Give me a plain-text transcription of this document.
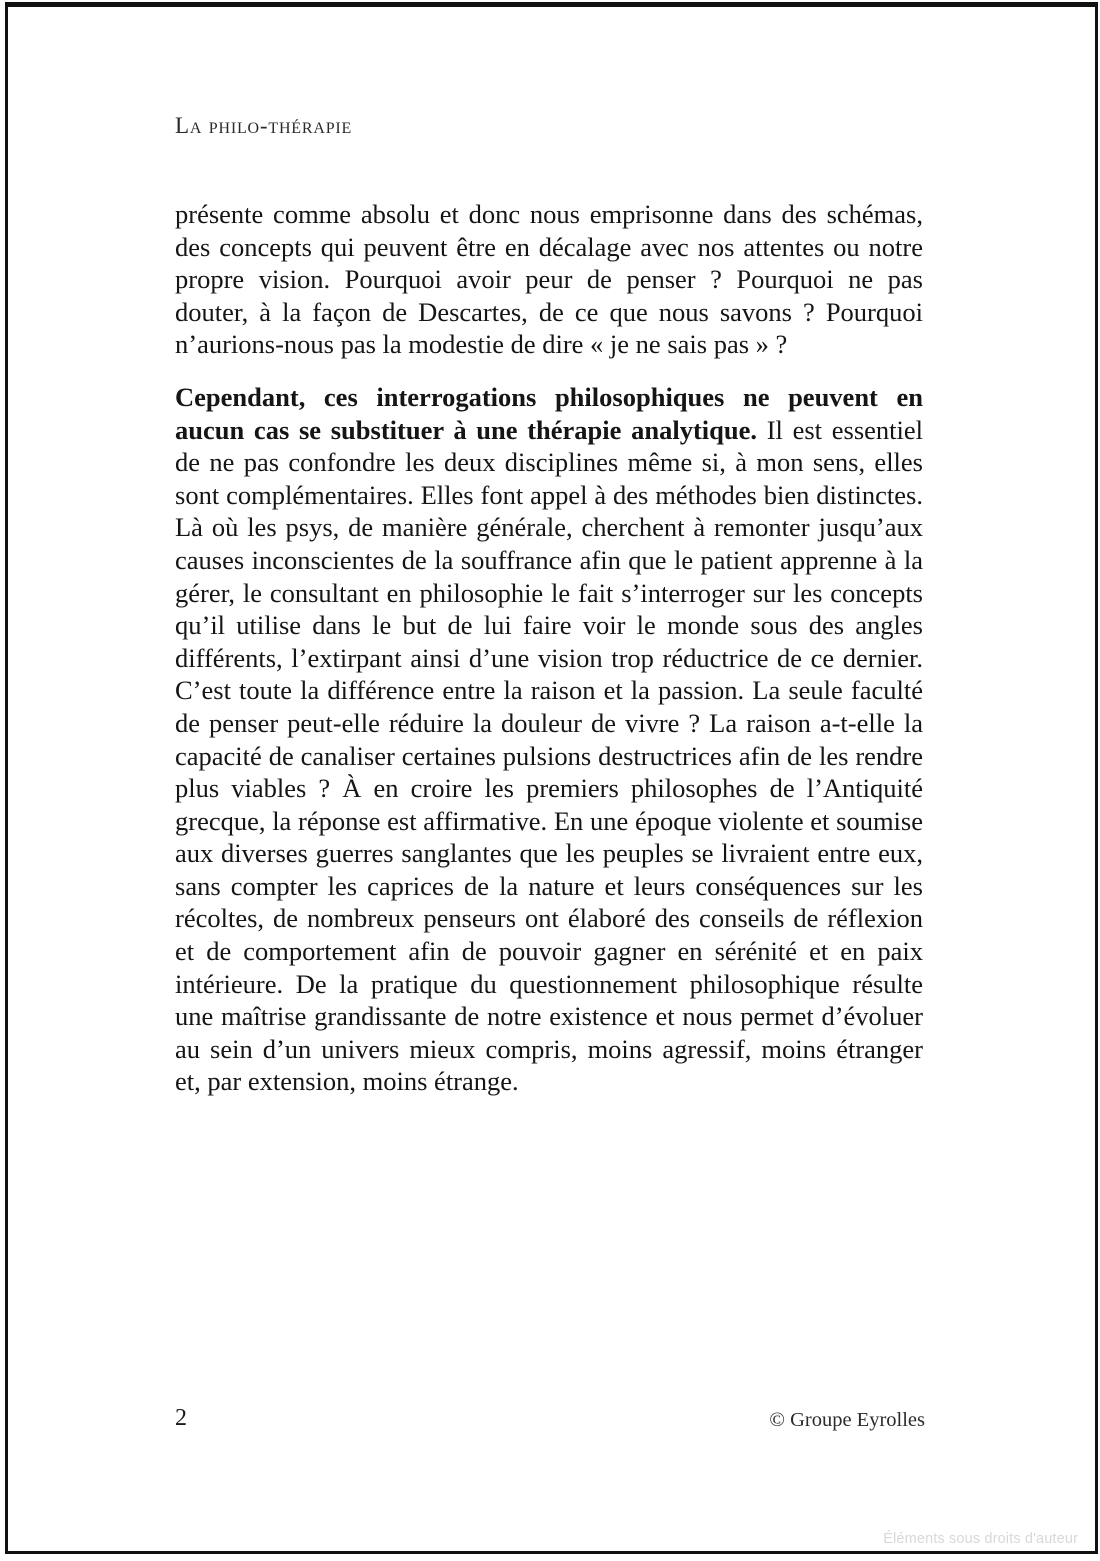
La philo-thérapie

présente comme absolu et donc nous emprisonne dans des schémas, des concepts qui peuvent être en décalage avec nos attentes ou notre propre vision. Pourquoi avoir peur de penser ? Pourquoi ne pas douter, à la façon de Descartes, de ce que nous savons ? Pourquoi n’aurions-nous pas la modestie de dire « je ne sais pas » ?

Cependant, ces interrogations philosophiques ne peuvent en aucun cas se substituer à une thérapie analytique. Il est essentiel de ne pas confondre les deux disciplines même si, à mon sens, elles sont complémentaires. Elles font appel à des méthodes bien distinctes. Là où les psys, de manière générale, cherchent à remonter jusqu’aux causes inconscientes de la souffrance afin que le patient apprenne à la gérer, le consultant en philosophie le fait s’interroger sur les concepts qu’il utilise dans le but de lui faire voir le monde sous des angles différents, l’extirpant ainsi d’une vision trop réductrice de ce dernier. C’est toute la différence entre la raison et la passion. La seule faculté de penser peut-elle réduire la douleur de vivre ? La raison a-t-elle la capacité de canaliser certaines pulsions destructrices afin de les rendre plus viables ? À en croire les premiers philosophes de l’Antiquité grecque, la réponse est affirmative. En une époque violente et soumise aux diverses guerres sanglantes que les peuples se livraient entre eux, sans compter les caprices de la nature et leurs conséquences sur les récoltes, de nombreux penseurs ont élaboré des conseils de réflexion et de comportement afin de pouvoir gagner en sérénité et en paix intérieure. De la pratique du questionnement philosophique résulte une maîtrise grandissante de notre existence et nous permet d’évoluer au sein d’un univers mieux compris, moins agressif, moins étranger et, par extension, moins étrange.

2	© Groupe Eyrolles
Éléments sous droits d'auteur
